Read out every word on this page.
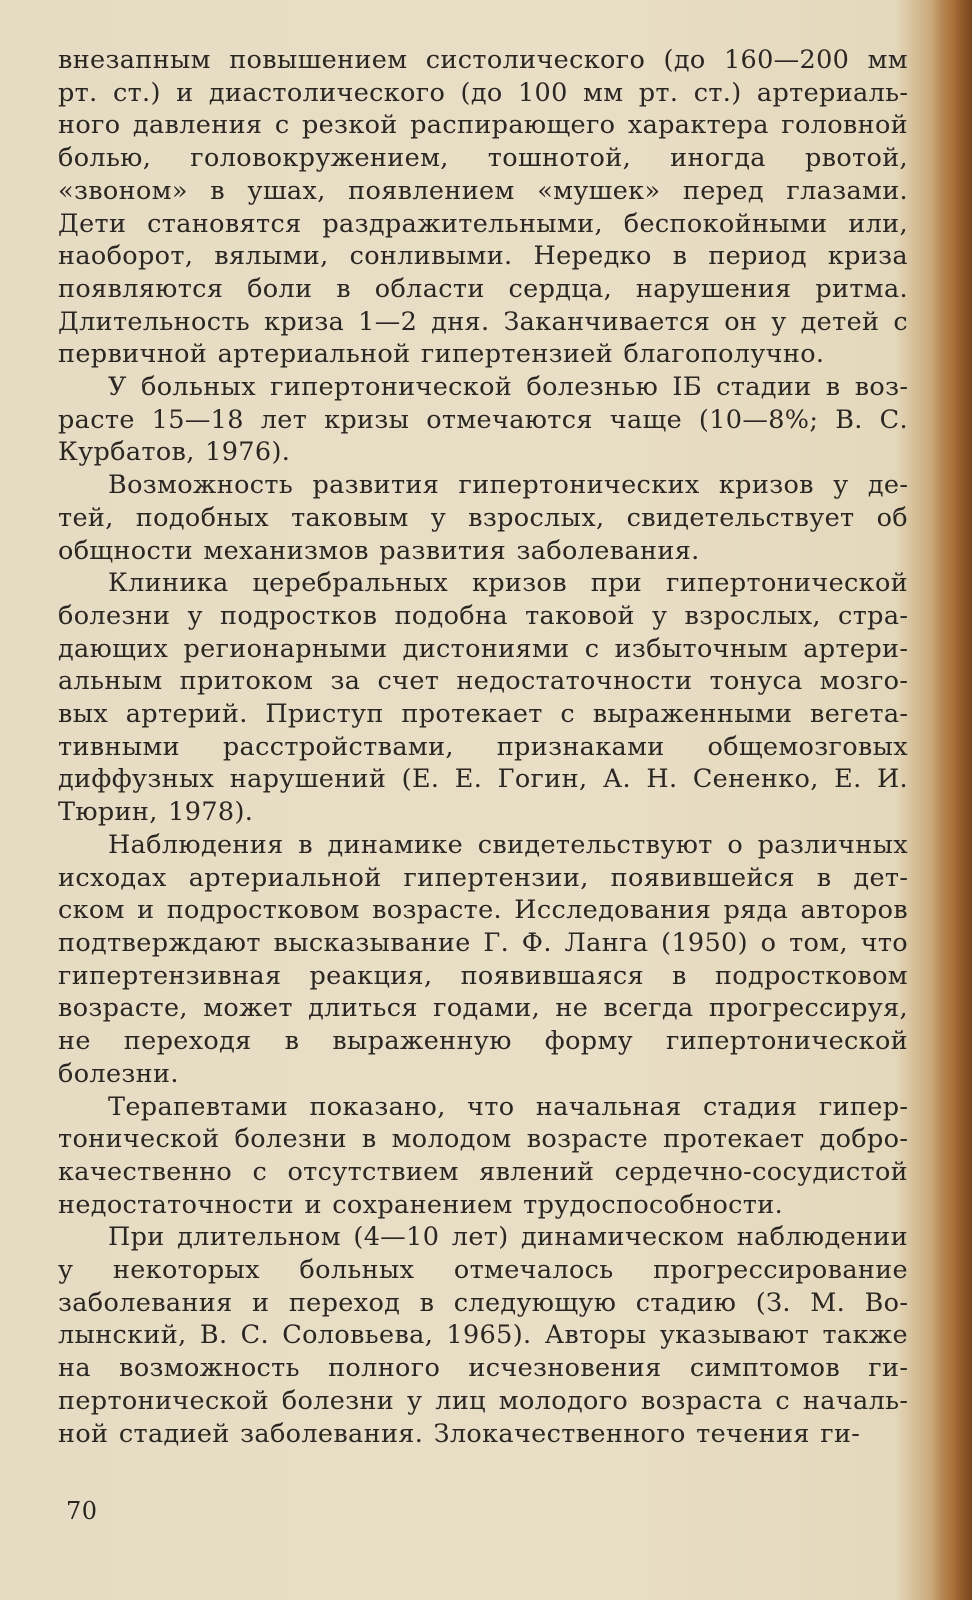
внезапным повышением систолического (до 160—200 мм рт. ст.) и диастолического (до 100 мм рт. ст.) артериального давления с резкой распирающего характера головной болью, головокружением, тошнотой, иногда рвотой, «звоном» в ушах, появлением «мушек» перед глазами. Дети становятся раздражительными, беспокойными или, наоборот, вялыми, сонливыми. Нередко в период криза появляются боли в области сердца, нарушения ритма. Длительность криза 1—2 дня. Заканчивается он у детей с первичной артериальной гипертензией благополучно.

У больных гипертонической болезнью IБ стадии в возрасте 15—18 лет кризы отмечаются чаще (10—8%; В. С. Курбатов, 1976).

Возможность развития гипертонических кризов у детей, подобных таковым у взрослых, свидетельствует об общности механизмов развития заболевания.

Клиника церебральных кризов при гипертонической болезни у подростков подобна таковой у взрослых, страдающих регионарными дистониями с избыточным артериальным притоком за счет недостаточности тонуса мозговых артерий. Приступ протекает с выраженными вегетативными расстройствами, признаками общемозговых диффузных нарушений (Е. Е. Гогин, А. Н. Сененко, Е. И. Тюрин, 1978).

Наблюдения в динамике свидетельствуют о различных исходах артериальной гипертензии, появившейся в детском и подростковом возрасте. Исследования ряда авторов подтверждают высказывание Г. Ф. Ланга (1950) о том, что гипертензивная реакция, появившаяся в подростковом возрасте, может длиться годами, не всегда прогрессируя, не переходя в выраженную форму гипертонической болезни.

Терапевтами показано, что начальная стадия гипертонической болезни в молодом возрасте протекает доброкачественно с отсутствием явлений сердечно-сосудистой недостаточности и сохранением трудоспособности.

При длительном (4—10 лет) динамическом наблюдении у некоторых больных отмечалось прогрессирование заболевания и переход в следующую стадию (З. М. Волынский, В. С. Соловьева, 1965). Авторы указывают также на возможность полного исчезновения симптомов гипертонической болезни у лиц молодого возраста с начальной стадией заболевания. Злокачественного течения ги-

70
